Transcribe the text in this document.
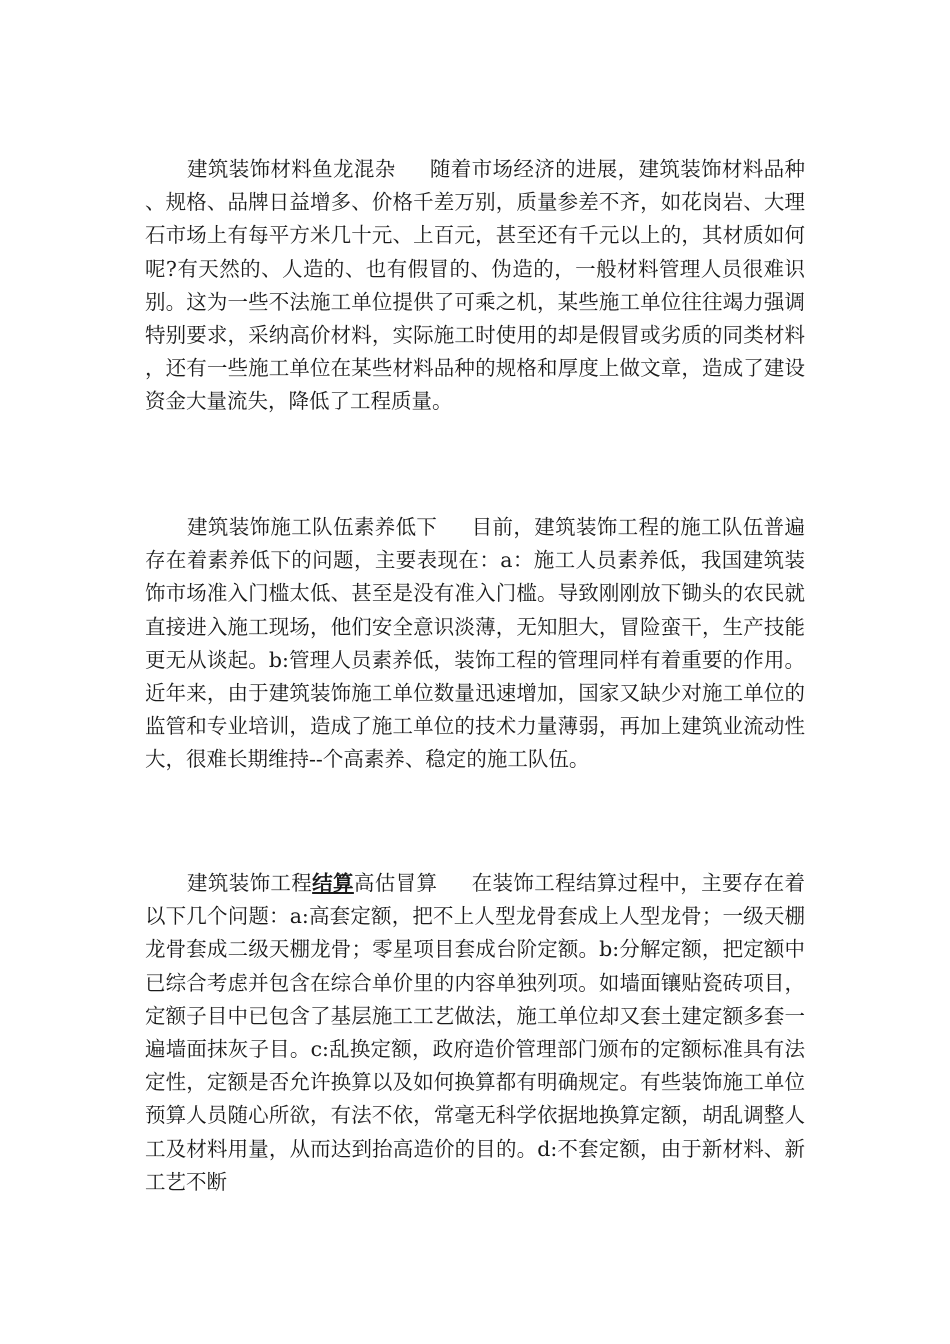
建筑装饰材料鱼龙混杂 随着市场经济的进展，建筑装饰材料品种、规格、品牌日益增多、价格千差万别，质量参差不齐，如花岗岩、大理石市场上有每平方米几十元、上百元，甚至还有千元以上的，其材质如何呢?有天然的、人造的、也有假冒的、伪造的，一般材料管理人员很难识别。这为一些不法施工单位提供了可乘之机，某些施工单位往往竭力强调特别要求，采纳高价材料，实际施工时使用的却是假冒或劣质的同类材料，还有一些施工单位在某些材料品种的规格和厚度上做文章，造成了建设资金大量流失，降低了工程质量。

建筑装饰施工队伍素养低下 目前，建筑装饰工程的施工队伍普遍存在着素养低下的问题，主要表现在：a：施工人员素养低，我国建筑装饰市场准入门槛太低、甚至是没有准入门槛。导致刚刚放下锄头的农民就直接进入施工现场，他们安全意识淡薄，无知胆大，冒险蛮干，生产技能更无从谈起。b:管理人员素养低，装饰工程的管理同样有着重要的作用。近年来，由于建筑装饰施工单位数量迅速增加，国家又缺少对施工单位的监管和专业培训，造成了施工单位的技术力量薄弱，再加上建筑业流动性大，很难长期维持--个高素养、稳定的施工队伍。

建筑装饰工程结算高估冒算 在装饰工程结算过程中，主要存在着以下几个问题：a:高套定额，把不上人型龙骨套成上人型龙骨；一级天棚龙骨套成二级天棚龙骨；零星项目套成台阶定额。b:分解定额，把定额中已综合考虑并包含在综合单价里的内容单独列项。如墙面镶贴瓷砖项目，定额子目中已包含了基层施工工艺做法，施工单位却又套土建定额多套一遍墙面抹灰子目。c:乱换定额，政府造价管理部门颁布的定额标准具有法定性，定额是否允许换算以及如何换算都有明确规定。有些装饰施工单位预算人员随心所欲，有法不依，常毫无科学依据地换算定额，胡乱调整人工及材料用量，从而达到抬高造价的目的。d:不套定额，由于新材料、新工艺不断
